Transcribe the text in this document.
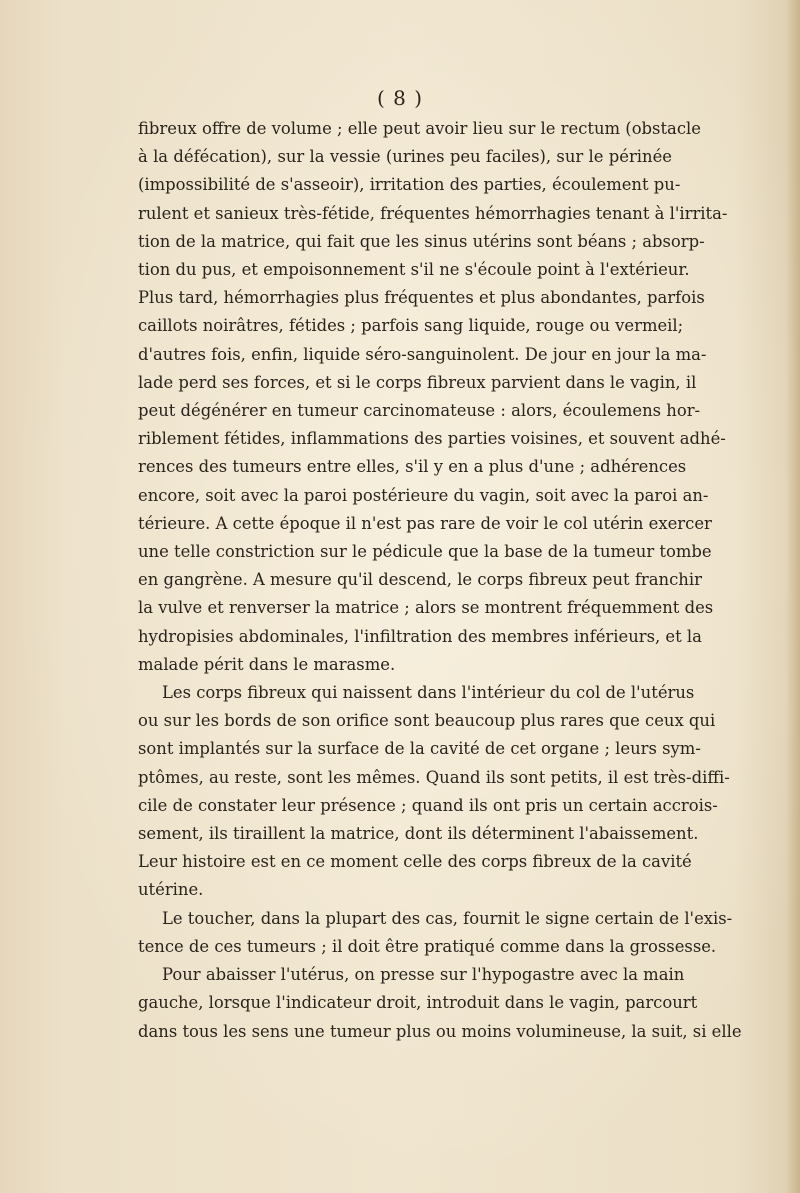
( 8 )
fibreux offre de volume ; elle peut avoir lieu sur le rectum (obstacle
à la défécation), sur la vessie (urines peu faciles), sur le périnée
(impossibilité de s'asseoir), irritation des parties, écoulement pu-
rulent et sanieux très-fétide, fréquentes hémorrhagies tenant à l'irrita-
tion de la matrice, qui fait que les sinus utérins sont béans ; absorp-
tion du pus, et empoisonnement s'il ne s'écoule point à l'extérieur.
Plus tard, hémorrhagies plus fréquentes et plus abondantes, parfois
caillots noirâtres, fétides ; parfois sang liquide, rouge ou vermeil;
d'autres fois, enfin, liquide séro-sanguinolent. De jour en jour la ma-
lade perd ses forces, et si le corps fibreux parvient dans le vagin, il
peut dégénérer en tumeur carcinomateuse : alors, écoulemens hor-
riblement fétides, inflammations des parties voisines, et souvent adhé-
rences des tumeurs entre elles, s'il y en a plus d'une ; adhérences
encore, soit avec la paroi postérieure du vagin, soit avec la paroi an-
térieure. A cette époque il n'est pas rare de voir le col utérin exercer
une telle constriction sur le pédicule que la base de la tumeur tombe
en gangrène. A mesure qu'il descend, le corps fibreux peut franchir
la vulve et renverser la matrice ; alors se montrent fréquemment des
hydropisies abdominales, l'infiltration des membres inférieurs, et la
malade périt dans le marasme.
Les corps fibreux qui naissent dans l'intérieur du col de l'utérus
ou sur les bords de son orifice sont beaucoup plus rares que ceux qui
sont implantés sur la surface de la cavité de cet organe ; leurs sym-
ptômes, au reste, sont les mêmes. Quand ils sont petits, il est très-diffi-
cile de constater leur présence ; quand ils ont pris un certain accrois-
sement, ils tiraillent la matrice, dont ils déterminent l'abaissement.
Leur histoire est en ce moment celle des corps fibreux de la cavité
utérine.
Le toucher, dans la plupart des cas, fournit le signe certain de l'exis-
tence de ces tumeurs ; il doit être pratiqué comme dans la grossesse.
Pour abaisser l'utérus, on presse sur l'hypogastre avec la main
gauche, lorsque l'indicateur droit, introduit dans le vagin, parcourt
dans tous les sens une tumeur plus ou moins volumineuse, la suit, si elle
